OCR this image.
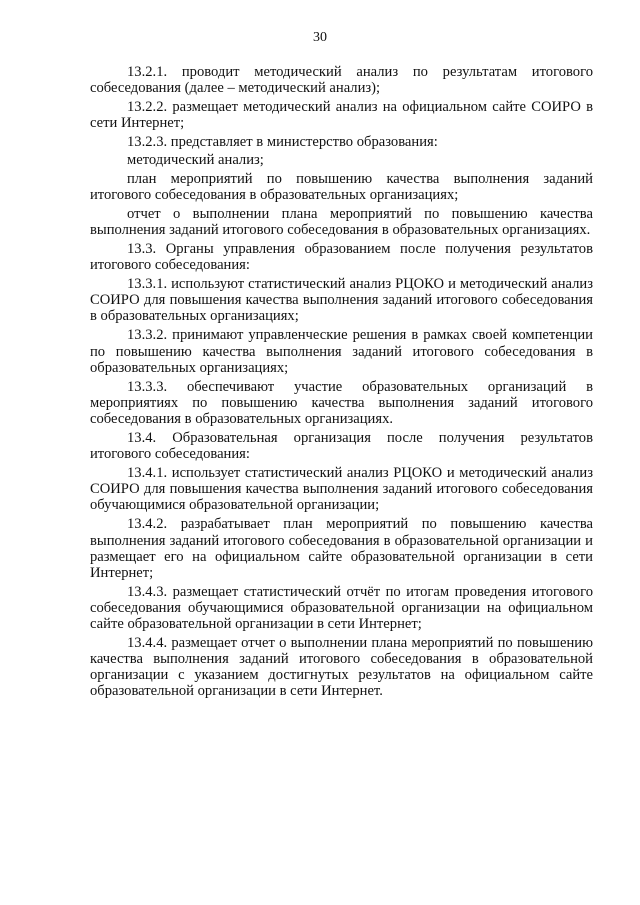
30

13.2.1. проводит методический анализ по результатам итогового собеседования (далее – методический анализ);

13.2.2. размещает методический анализ на официальном сайте СОИРО в сети Интернет;

13.2.3. представляет в министерство образования:

методический анализ;

план мероприятий по повышению качества выполнения заданий итогового собеседования в образовательных организациях;

отчет о выполнении плана мероприятий по повышению качества выполнения заданий итогового собеседования в образовательных организациях.

13.3. Органы управления образованием после получения результатов итогового собеседования:

13.3.1. используют статистический анализ РЦОКО и методический анализ СОИРО для повышения качества выполнения заданий итогового собеседования в образовательных организациях;

13.3.2. принимают управленческие решения в рамках своей компетенции по повышению качества выполнения заданий итогового собеседования в образовательных организациях;

13.3.3. обеспечивают участие образовательных организаций в мероприятиях по повышению качества выполнения заданий итогового собеседования в образовательных организациях.

13.4. Образовательная организация после получения результатов итогового собеседования:

13.4.1. использует статистический анализ РЦОКО и методический анализ СОИРО для повышения качества выполнения заданий итогового собеседования обучающимися образовательной организации;

13.4.2. разрабатывает план мероприятий по повышению качества выполнения заданий итогового собеседования в образовательной организации и размещает его на официальном сайте образовательной организации в сети Интернет;

13.4.3. размещает статистический отчёт по итогам проведения итогового собеседования обучающимися образовательной организации на официальном сайте образовательной организации в сети Интернет;

13.4.4. размещает отчет о выполнении плана мероприятий по повышению качества выполнения заданий итогового собеседования в образовательной организации с указанием достигнутых результатов на официальном сайте образовательной организации в сети Интернет.
